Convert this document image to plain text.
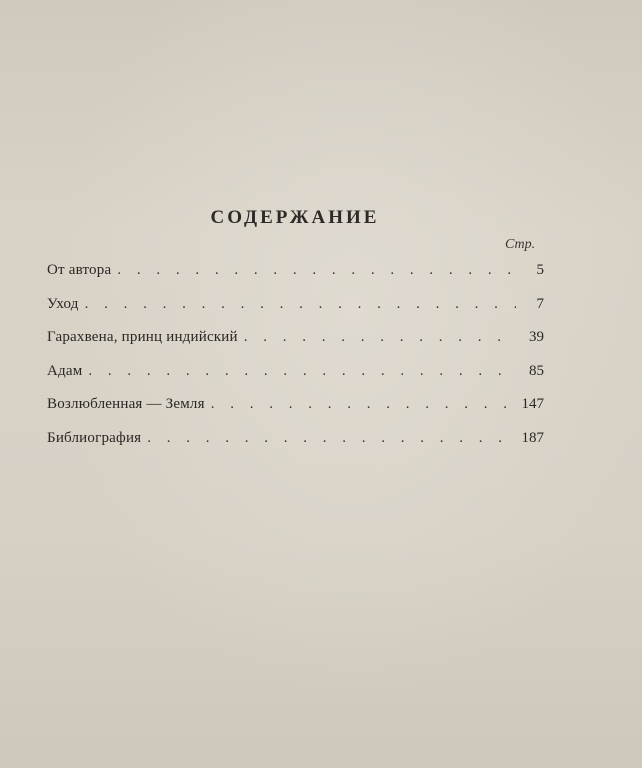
СОДЕРЖАНИЕ
Стр.
От автора . . .	5
Уход . . .	7
Гарахвена, принц индийский . . .	39
Адам . . .	85
Возлюбленная — Земля . . .	147
Библиография . . .	187
